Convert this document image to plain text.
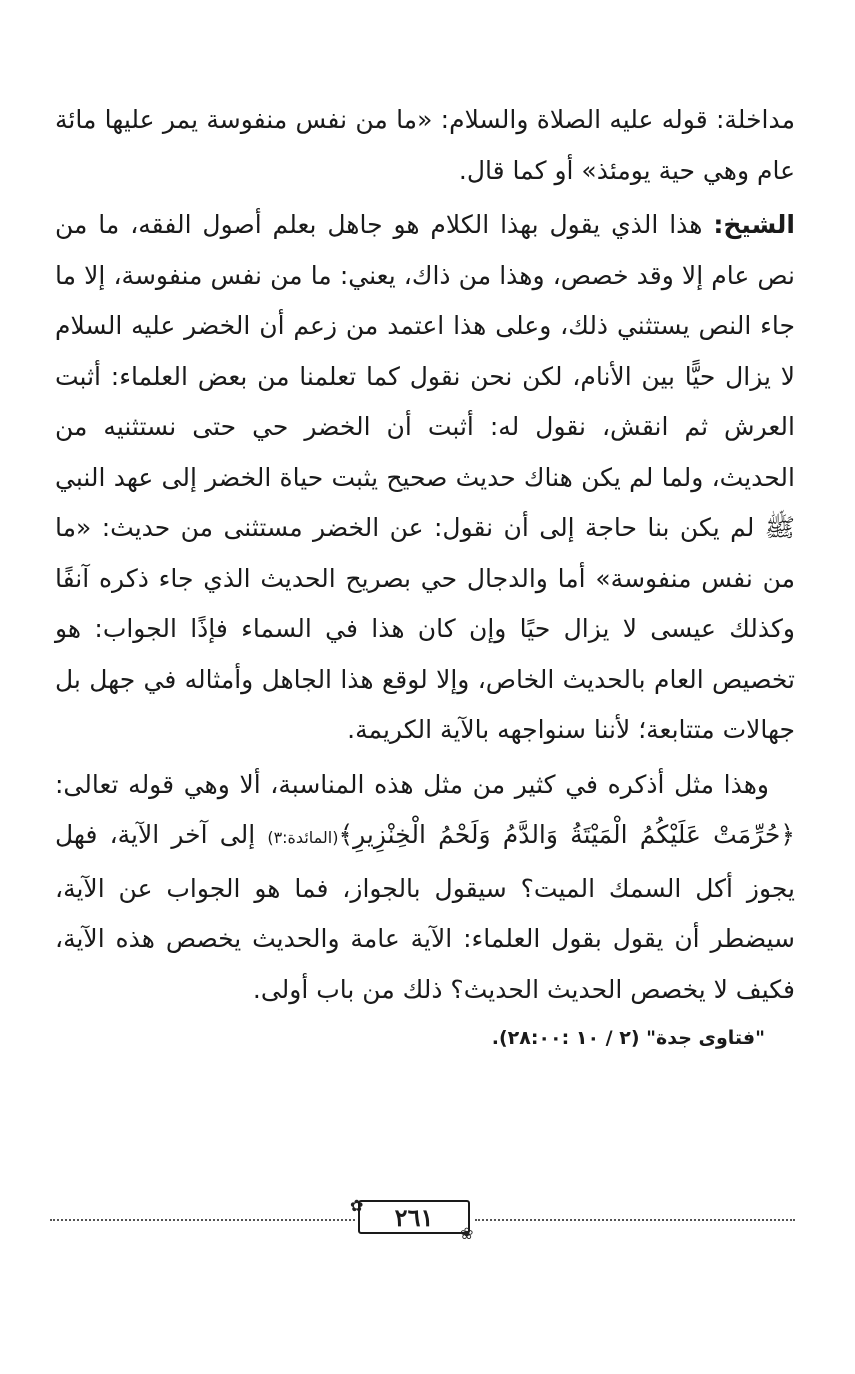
مداخلة: قوله عليه الصلاة والسلام: «ما من نفس منفوسة يمر عليها مائة عام وهي حية يومئذ» أو كما قال.

الشيخ: هذا الذي يقول بهذا الكلام هو جاهل بعلم أصول الفقه، ما من نص عام إلا وقد خصص، وهذا من ذاك، يعني: ما من نفس منفوسة، إلا ما جاء النص يستثني ذلك، وعلى هذا اعتمد من زعم أن الخضر عليه السلام لا يزال حيًّا بين الأنام، لكن نحن نقول كما تعلمنا من بعض العلماء: أثبت العرش ثم انقش، نقول له: أثبت أن الخضر حي حتى نستثنيه من الحديث، ولما لم يكن هناك حديث صحيح يثبت حياة الخضر إلى عهد النبي ﷺ لم يكن بنا حاجة إلى أن نقول: عن الخضر مستثنى من حديث: «ما من نفس منفوسة» أما والدجال حي بصريح الحديث الذي جاء ذكره آنفًا وكذلك عيسى لا يزال حيًا وإن كان هذا في السماء فإذًا الجواب: هو تخصيص العام بالحديث الخاص، وإلا لوقع هذا الجاهل وأمثاله في جهل بل جهالات متتابعة؛ لأننا سنواجهه بالآية الكريمة.

وهذا مثل أذكره في كثير من مثل هذه المناسبة، ألا وهي قوله تعالى: ﴿حُرِّمَتْ عَلَيْكُمُ الْمَيْتَةُ وَالدَّمُ وَلَحْمُ الْخِنْزِيرِ﴾(المائدة:٣) إلى آخر الآية، فهل يجوز أكل السمك الميت؟ سيقول بالجواز، فما هو الجواب عن الآية، سيضطر أن يقول بقول العلماء: الآية عامة والحديث يخصص هذه الآية، فكيف لا يخصص الحديث الحديث؟ ذلك من باب أولى.

"فتاوى جدة" (٢ / ١٠ :٢٨:٠٠).
✿ ٢٦١
❀
